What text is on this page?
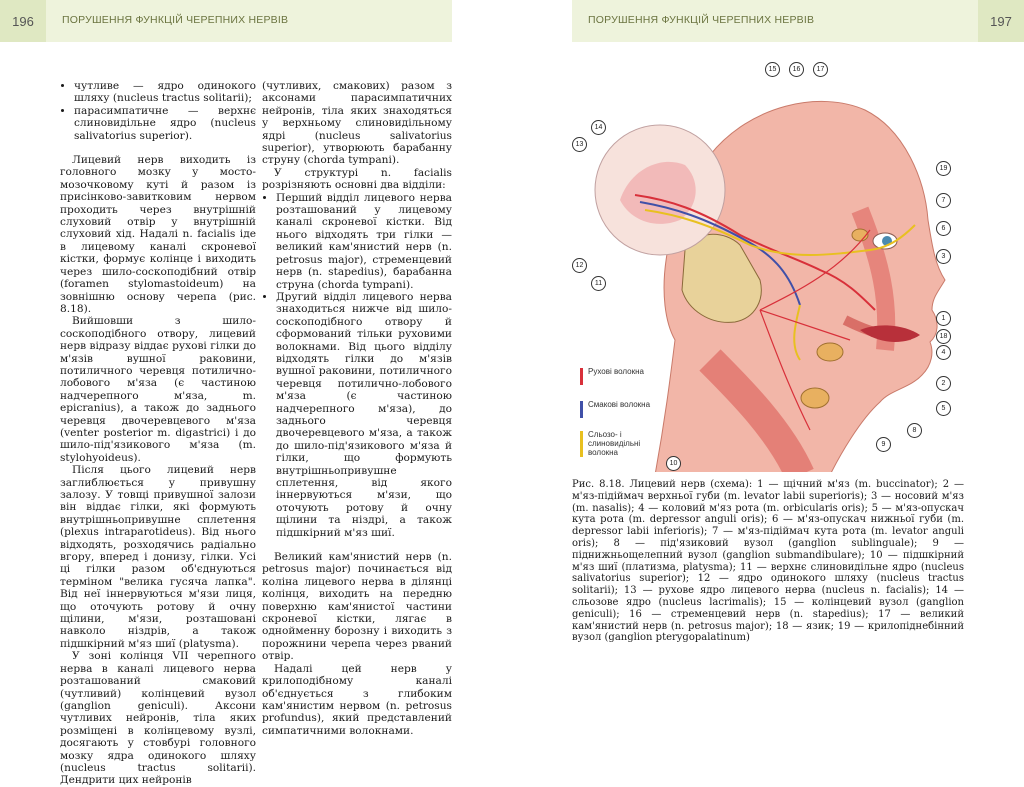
196	ПОРУШЕННЯ ФУНКЦІЙ ЧЕРЕПНИХ НЕРВІВ	ПОРУШЕННЯ ФУНКЦІЙ ЧЕРЕПНИХ НЕРВІВ	197
• чутливе — ядро одинокого шляху (nucleus tractus solitarii);
• парасимпатичне — верхнє слиновидільне ядро (nucleus salivatorius superior).

Лицевий нерв виходить із головного мозку у мосто-мозочковому куті й разом із присінково-завитковим нервом проходить через внутрішній слуховий отвір у внутрішній слуховий хід. Надалі n. facialis іде в лицевому каналі скроневої кістки, формує колінце і виходить через шило-соскоподібний отвір (foramen stylomastoideum) на зовнішню основу черепа (рис. 8.18).

Вийшовши з шило-соскоподібного отвору, лицевий нерв відразу віддає рухові гілки до м'язів вушної раковини, потиличного черевця потилично-лобового м'яза (є частиною надчерепного м'яза, m. epicranius), а також до заднього черевця двочеревцевого м'яза (venter posterior m. digastrici) і до шило-під'язикового м'яза (m. stylohyoideus).

Після цього лицевий нерв заглиблюється у привушну залозу. У товщі привушної залози він віддає гілки, які формують внутрішньопривушне сплетення (plexus intraparotideus). Від нього відходять, розходячись радіально вгору, вперед і донизу, гілки. Усі ці гілки разом об'єднуються терміном "велика гусяча лапка". Від неї іннервуються м'язи лиця, що оточують ротову й очну щілини, м'язи, розташовані навколо ніздрів, а також підшкірний м'яз шиї (platysma).

У зоні колінця VII черепного нерва в каналі лицевого нерва розташований смаковий (чутливий) колінцевий вузол (ganglion geniculi). Аксони чутливих нейронів, тіла яких розміщені в колінцевому вузлі, досягають у стовбурі головного мозку ядра одинокого шляху (nucleus tractus solitarii). Дендрити цих нейронів

(чутливих, смакових) разом з аксонами парасимпатичних нейронів, тіла яких знаходяться у верхньому слиновидільному ядрі (nucleus salivatorius superior), утворюють барабанну струну (chorda tympani).

У структурі n. facialis розрізняють основні два відділи:

• Перший відділ лицевого нерва розташований у лицевому каналі скроневої кістки. Від нього відходять три гілки — великий кам'янистий нерв (n. petrosus major), стременцевий нерв (n. stapedius), барабанна струна (chorda tympani).
• Другий відділ лицевого нерва знаходиться нижче від шило-соскоподібного отвору й сформований тільки руховими волокнами. Від цього відділу відходять гілки до м'язів вушної раковини, потиличного черевця потилично-лобового м'яза (є частиною надчерепного м'яза), до заднього черевця двочеревцевого м'яза, а також до шило-під'язикового м'яза й гілки, що формують внутрішньопривушне сплетення, від якого іннервуються м'язи, що оточують ротову й очну щілини та ніздрі, а також підшкірний м'яз шиї.

Великий кам'янистий нерв (n. petrosus major) починається від коліна лицевого нерва в ділянці колінця, виходить на передню поверхню кам'янистої частини скроневої кістки, лягає в однойменну борозну і виходить з порожнини черепа через рваний отвір.

Надалі цей нерв у крилоподібному каналі об'єднується з глибоким кам'янистим нервом (n. petrosus profundus), який представлений симпатичними волокнами.

Рухові волокна
Смакові волокна
Сльозо- і слиновидільні волокна
15	16	17
14
13
19
7
6
3
12
11
1
18
4
2
5
8
9
10
Рис. 8.18. Лицевий нерв (схема): 1 — щічний м'яз (m. buccinator); 2 — м'яз-підіймач верхньої губи (m. levator labii superioris); 3 — носовий м'яз (m. nasalis); 4 — коловий м'яз рота (m. orbicularis oris); 5 — м'яз-опускач кута рота (m. depressor anguli oris); 6 — м'яз-опускач нижньої губи (m. depressor labii inferioris); 7 — м'яз-підіймач кута рота (m. levator anguli oris); 8 — під'язиковий вузол (ganglion sublinguale); 9 — піднижньощелепний вузол (ganglion submandibulare); 10 — підшкірний м'яз шиї (платизма, platysma); 11 — верхнє слиновидільне ядро (nucleus salivatorius superior); 12 — ядро одинокого шляху (nucleus tractus solitarii); 13 — рухове ядро лицевого нерва (nucleus n. facialis); 14 — сльозове ядро (nucleus lacrimalis); 15 — колінцевий вузол (ganglion geniculi); 16 — стременцевий нерв (n. stapedius); 17 — великий кам'янистий нерв (n. petrosus major); 18 — язик; 19 — крилопіднебінний вузол (ganglion pterygopalatinum)
